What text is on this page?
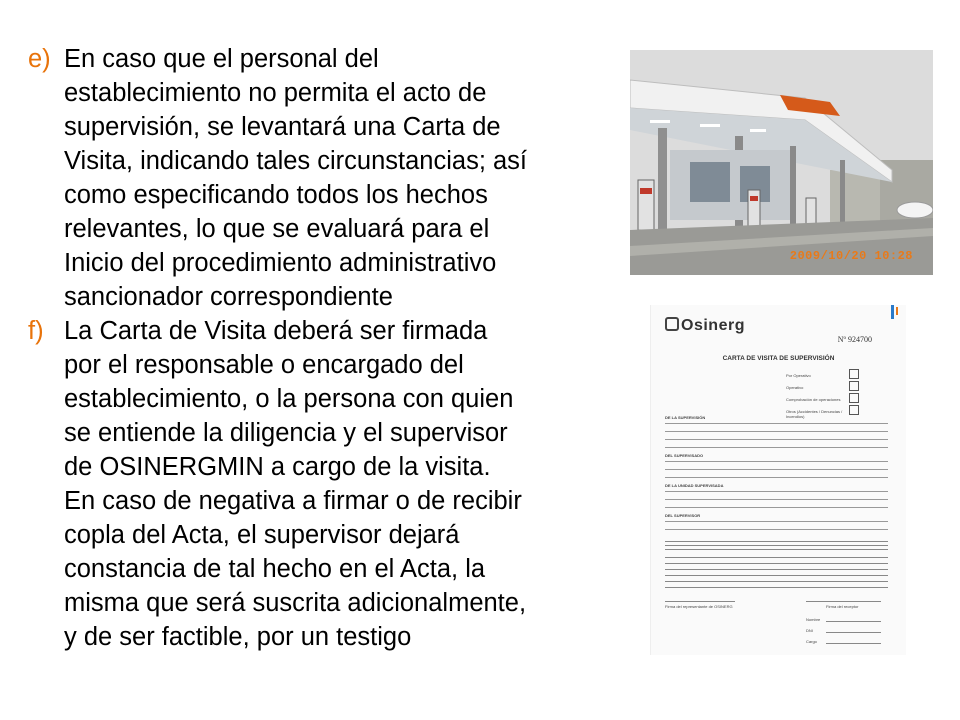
e) En caso que el personal del

establecimiento no permita el acto de

supervisión, se levantará una Carta de

Visita, indicando tales circunstancias; así

como especificando todos los hechos

relevantes, lo que se evaluará para el

Inicio del procedimiento administrativo

sancionador correspondiente

f) La Carta de Visita deberá ser firmada

por el responsable o encargado del

establecimiento, o la persona con quien

se entiende la diligencia y el supervisor

de OSINERGMIN a cargo de la visita.

En caso de negativa a firmar o de recibir

copla del Acta, el supervisor dejará

constancia de tal hecho en el Acta, la

misma que será suscrita adicionalmente,

y de ser factible, por un testigo

2009/10/20 10:28
Osinerg
Nº 924700
CARTA DE VISITA DE SUPERVISIÓN
Por Operativo
Operativo
Comprobación de operaciones
Otros (Accidentes / Denuncias / Incendios)
DE LA SUPERVISIÓN
DEL SUPERVISADO
DE LA UNIDAD SUPERVISADA
DEL SUPERVISOR
Firma del representante de OSINERG	Firma del receptor
Nombre
DNI
Cargo
